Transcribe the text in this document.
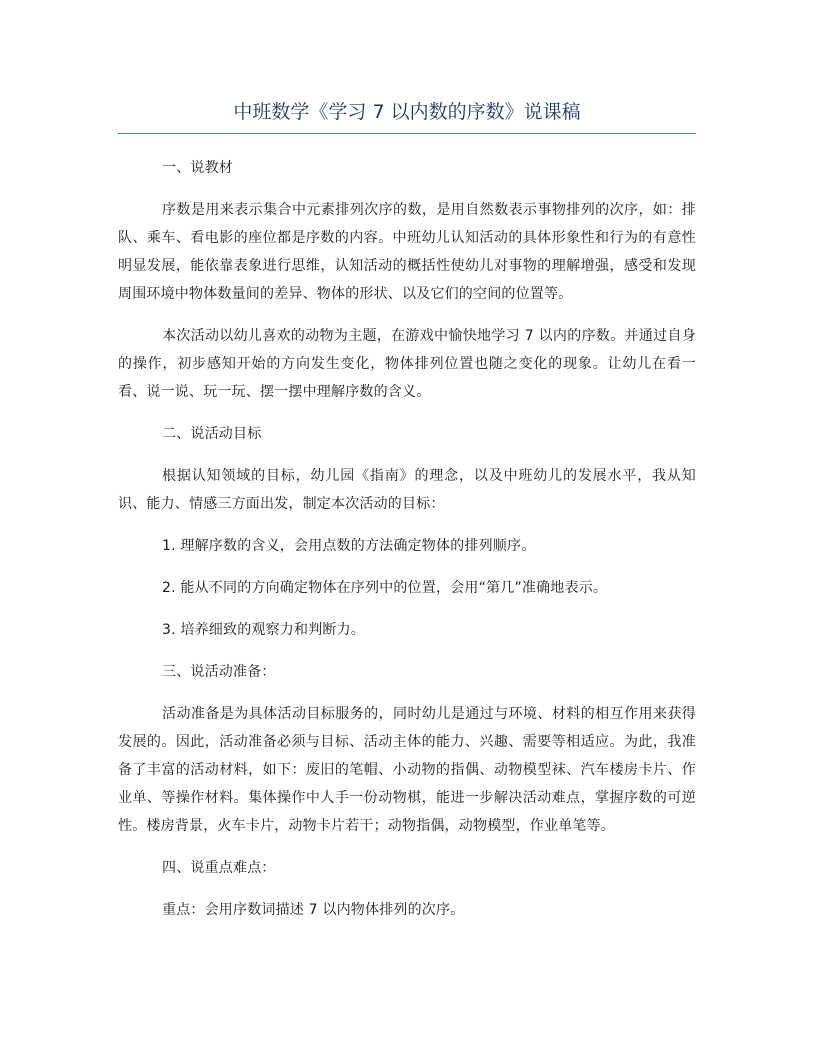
中班数学《学习 7 以内数的序数》说课稿

一、说教材

序数是用来表示集合中元素排列次序的数，是用自然数表示事物排列的次序，如：排队、乘车、看电影的座位都是序数的内容。中班幼儿认知活动的具体形象性和行为的有意性明显发展，能依靠表象进行思维，认知活动的概括性使幼儿对事物的理解增强，感受和发现周围环境中物体数量间的差异、物体的形状、以及它们的空间的位置等。

本次活动以幼儿喜欢的动物为主题，在游戏中愉快地学习 7 以内的序数。并通过自身的操作，初步感知开始的方向发生变化，物体排列位置也随之变化的现象。让幼儿在看一看、说一说、玩一玩、摆一摆中理解序数的含义。

二、说活动目标

根据认知领域的目标，幼儿园《指南》的理念，以及中班幼儿的发展水平，我从知识、能力、情感三方面出发，制定本次活动的目标：

1. 理解序数的含义，会用点数的方法确定物体的排列顺序。

2. 能从不同的方向确定物体在序列中的位置，会用“第几”准确地表示。

3. 培养细致的观察力和判断力。

三、说活动准备：

活动准备是为具体活动目标服务的，同时幼儿是通过与环境、材料的相互作用来获得发展的。因此，活动准备必须与目标、活动主体的能力、兴趣、需要等相适应。为此，我准备了丰富的活动材料，如下：废旧的笔帽、小动物的指偶、动物模型袜、汽车楼房卡片、作业单、等操作材料。集体操作中人手一份动物棋，能进一步解决活动难点，掌握序数的可逆性。楼房背景，火车卡片，动物卡片若干；动物指偶，动物模型，作业单笔等。

四、说重点难点：

重点：会用序数词描述 7 以内物体排列的次序。
